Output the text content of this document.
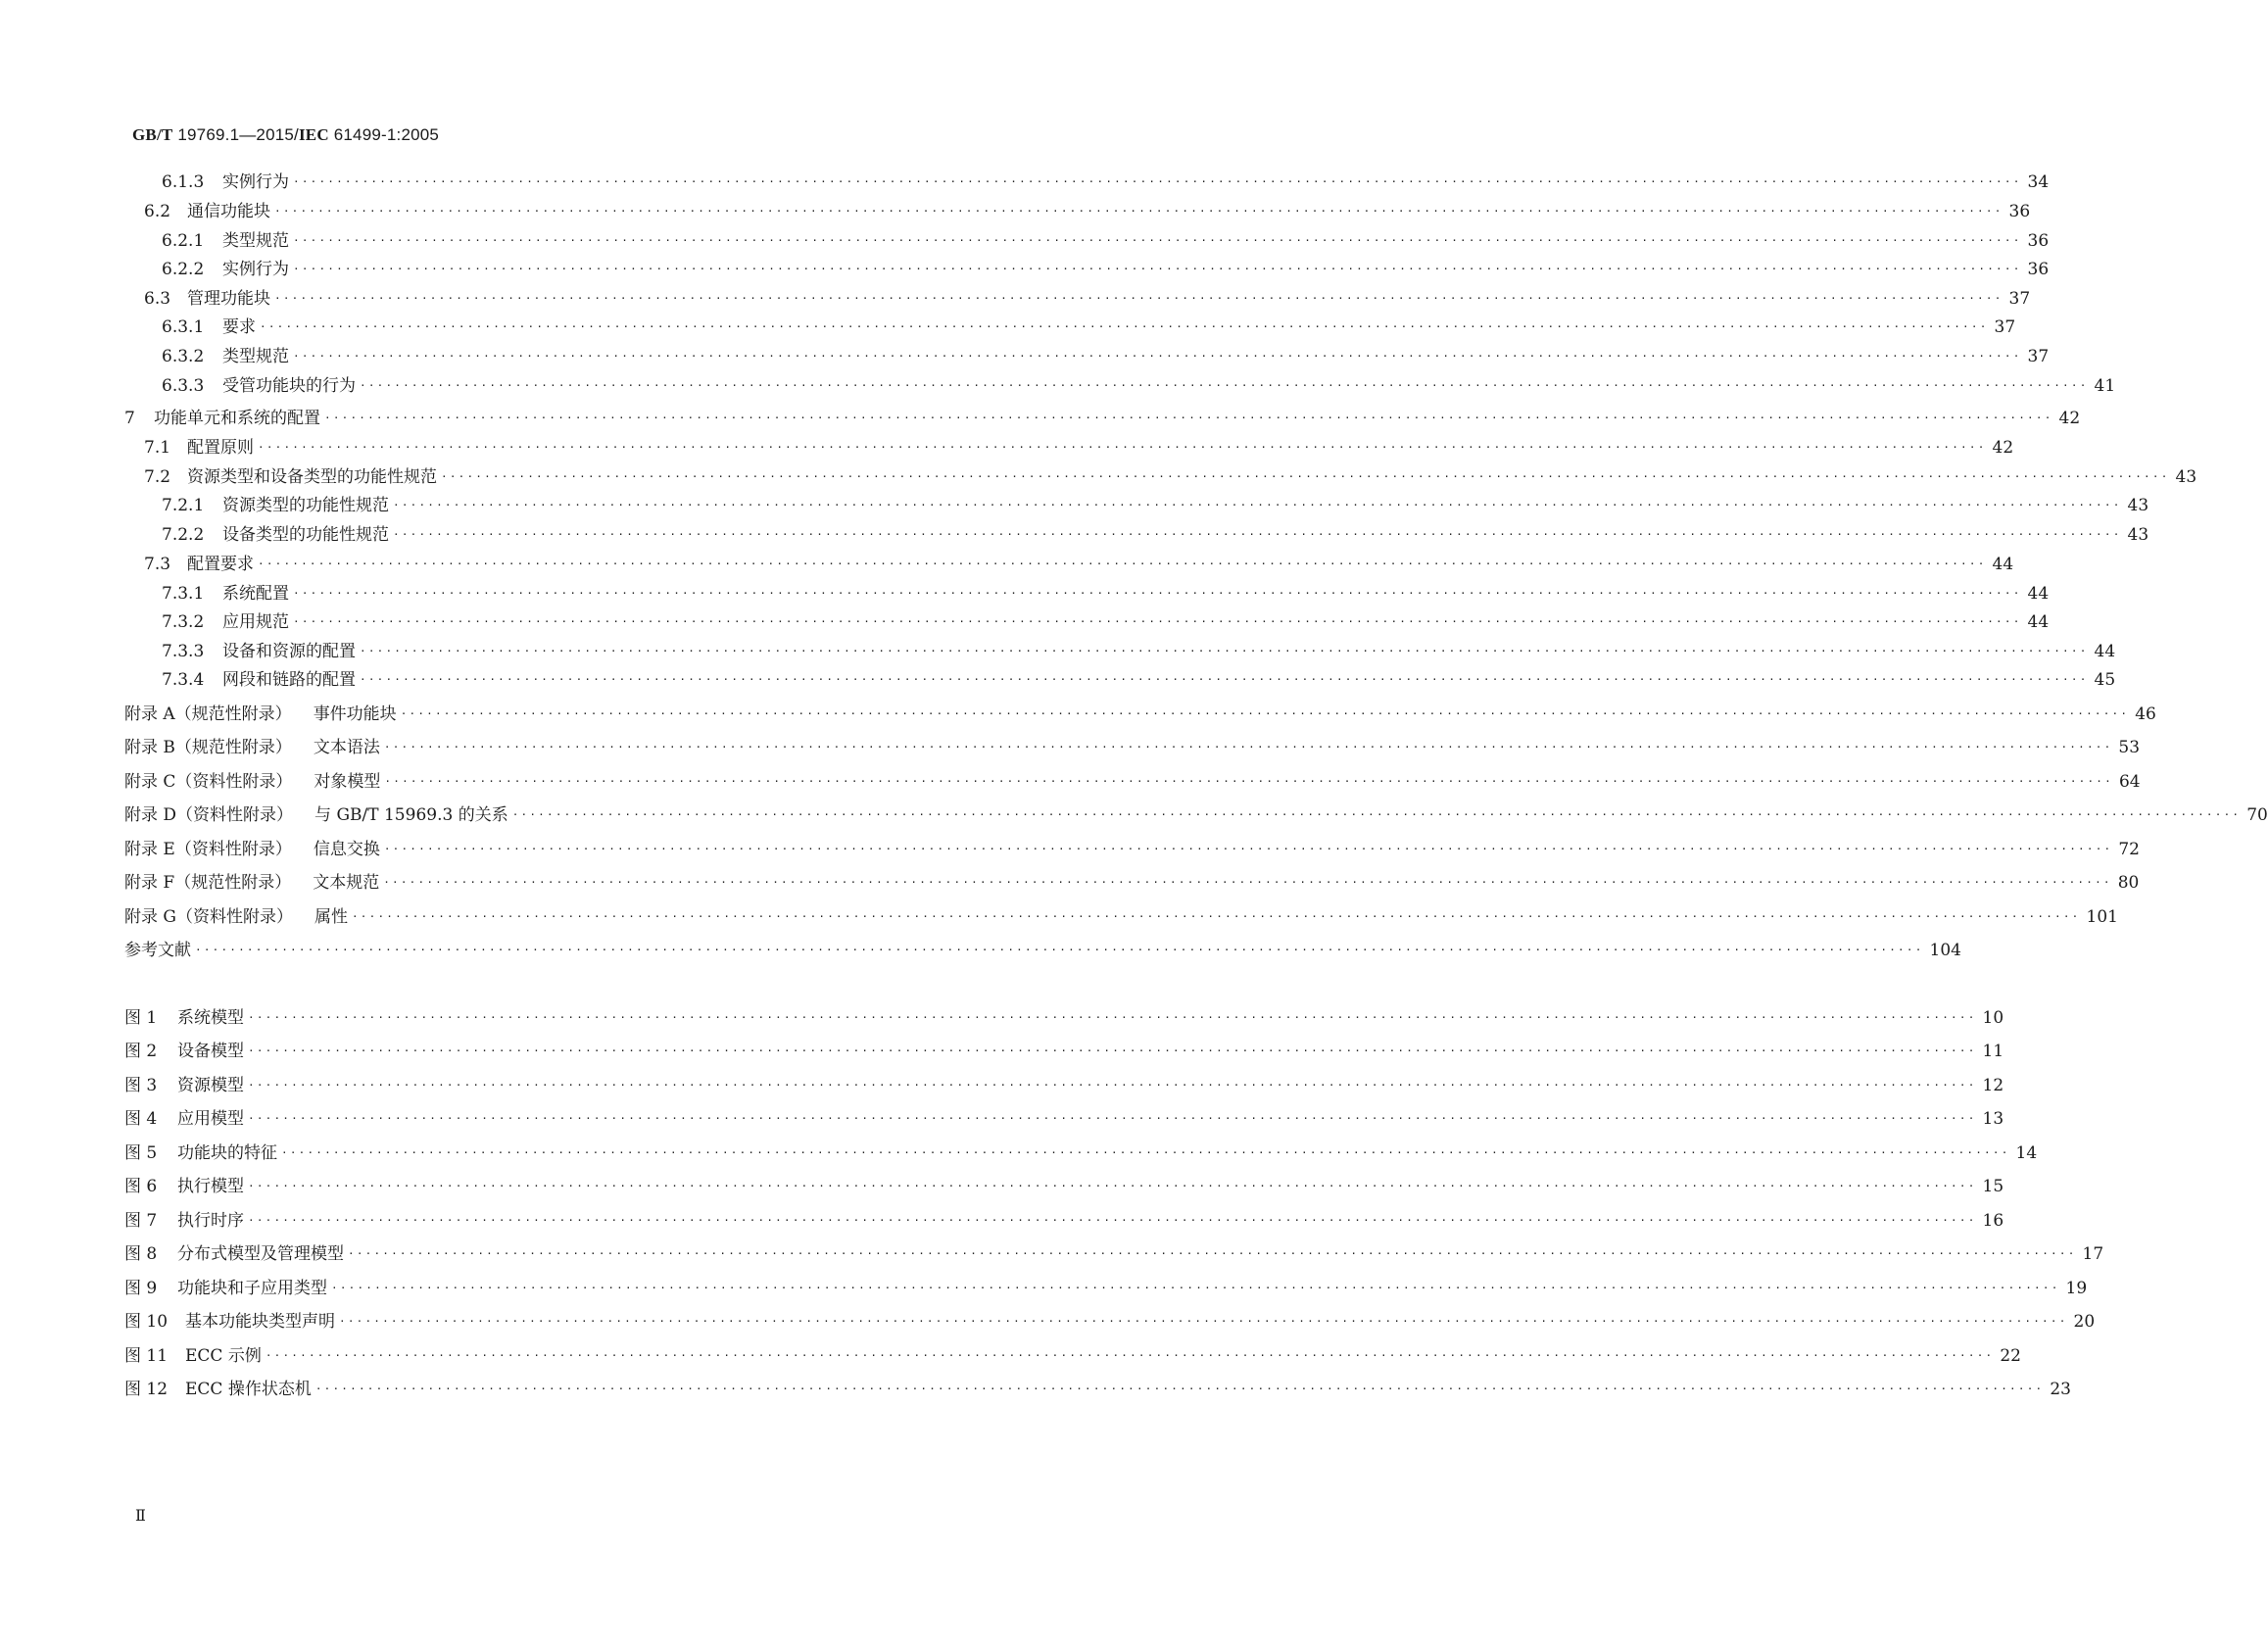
GB/T 19769.1—2015/IEC 61499-1:2005
6.1.3	实例行为 ········································································································································································································ 34
6.2 通信功能块 ········································································································································································································ 36
6.2.1	类型规范 ········································································································································································································ 36
6.2.2	实例行为 ········································································································································································································ 36
6.3 管理功能块 ········································································································································································································ 37
6.3.1	要求 ········································································································································································································ 37
6.3.2	类型规范 ········································································································································································································ 37
6.3.3	受管功能块的行为 ········································································································································································································ 41
7	功能单元和系统的配置 ········································································································································································································ 42
7.1 配置原则 ········································································································································································································ 42
7.2 资源类型和设备类型的功能性规范 ········································································································································································································ 43
7.2.1	资源类型的功能性规范 ········································································································································································································ 43
7.2.2	设备类型的功能性规范 ········································································································································································································ 43
7.3 配置要求 ········································································································································································································ 44
7.3.1	系统配置 ········································································································································································································ 44
7.3.2	应用规范 ········································································································································································································ 44
7.3.3	设备和资源的配置 ········································································································································································································ 44
7.3.4	网段和链路的配置 ········································································································································································································ 45
附录 A（规范性附录） 事件功能块 ········································································································································································································ 46
附录 B（规范性附录） 文本语法 ········································································································································································································ 53
附录 C（资料性附录） 对象模型 ········································································································································································································ 64
附录 D（资料性附录） 与 GB/T 15969.3 的关系 ········································································································································································································ 70
附录 E（资料性附录） 信息交换 ········································································································································································································ 72
附录 F（规范性附录） 文本规范 ········································································································································································································ 80
附录 G（资料性附录） 属性 ········································································································································································································ 101
参考文献 ········································································································································································································ 104
图 1	系统模型 ········································································································································································································ 10
图 2	设备模型 ········································································································································································································ 11
图 3	资源模型 ········································································································································································································ 12
图 4	应用模型 ········································································································································································································ 13
图 5	功能块的特征 ········································································································································································································ 14
图 6	执行模型 ········································································································································································································ 15
图 7	执行时序 ········································································································································································································ 16
图 8	分布式模型及管理模型 ········································································································································································································ 17
图 9	功能块和子应用类型 ········································································································································································································ 19
图 10	基本功能块类型声明 ········································································································································································································ 20
图 11	ECC 示例 ········································································································································································································ 22
图 12	ECC 操作状态机 ········································································································································································································ 23
Ⅱ
